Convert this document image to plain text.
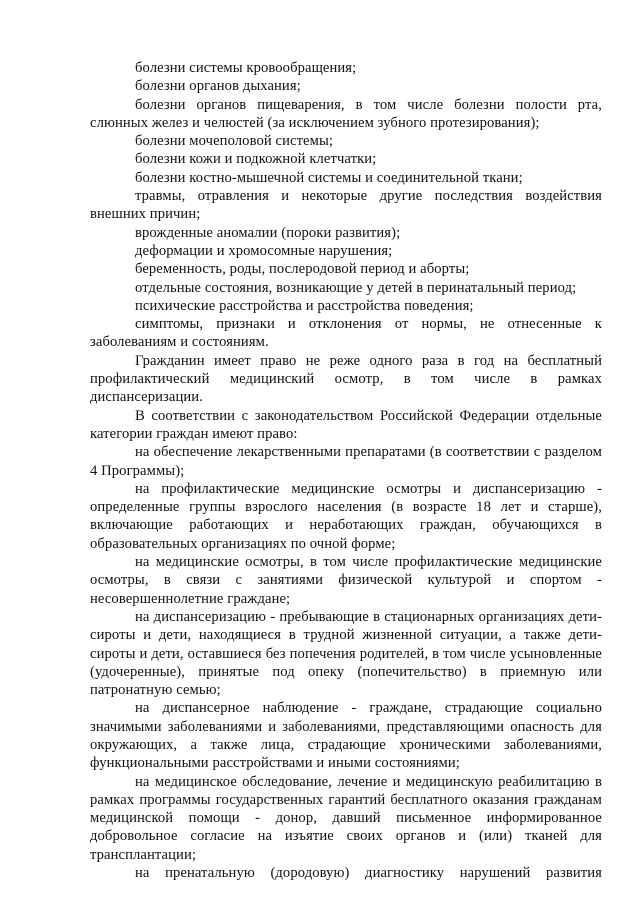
болезни системы кровообращения;

болезни органов дыхания;

болезни органов пищеварения, в том числе болезни полости рта, слюнных желез и челюстей (за исключением зубного протезирования);

болезни мочеполовой системы;

болезни кожи и подкожной клетчатки;

болезни костно-мышечной системы и соединительной ткани;

травмы, отравления и некоторые другие последствия воздействия внешних причин;

врожденные аномалии (пороки развития);

деформации и хромосомные нарушения;

беременность, роды, послеродовой период и аборты;

отдельные состояния, возникающие у детей в перинатальный период;

психические расстройства и расстройства поведения;

симптомы, признаки и отклонения от нормы, не отнесенные к заболеваниям и состояниям.

Гражданин имеет право не реже одного раза в год на бесплатный профилактический медицинский осмотр, в том числе в рамках диспансеризации.

В соответствии с законодательством Российской Федерации отдельные категории граждан имеют право:

на обеспечение лекарственными препаратами (в соответствии с разделом 4 Программы);

на профилактические медицинские осмотры и диспансеризацию - определенные группы взрослого населения (в возрасте 18 лет и старше), включающие работающих и неработающих граждан, обучающихся в образовательных организациях по очной форме;

на медицинские осмотры, в том числе профилактические медицинские осмотры, в связи с занятиями физической культурой и спортом - несовершеннолетние граждане;

на диспансеризацию - пребывающие в стационарных организациях дети-сироты и дети, находящиеся в трудной жизненной ситуации, а также дети-сироты и дети, оставшиеся без попечения родителей, в том числе усыновленные (удочеренные), принятые под опеку (попечительство) в приемную или патронатную семью;

на диспансерное наблюдение - граждане, страдающие социально значимыми заболеваниями и заболеваниями, представляющими опасность для окружающих, а также лица, страдающие хроническими заболеваниями, функциональными расстройствами и иными состояниями;

на медицинское обследование, лечение и медицинскую реабилитацию в рамках программы государственных гарантий бесплатного оказания гражданам медицинской помощи - донор, давший письменное информированное добровольное согласие на изъятие своих органов и (или) тканей для трансплантации;

на пренатальную (дородовую) диагностику нарушений развития
